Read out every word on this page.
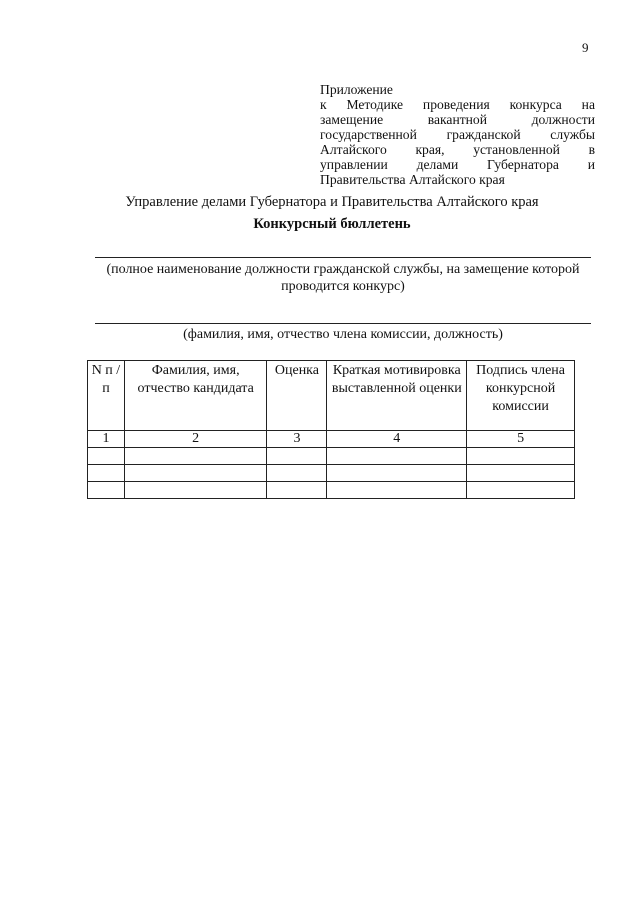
9
Приложение
к Методике проведения конкурса на
замещение вакантной должности
государственной гражданской службы
Алтайского края, установленной в
управлении делами Губернатора и
Правительства Алтайского края
Управление делами Губернатора и Правительства Алтайского края
Конкурсный бюллетень
(полное наименование должности гражданской службы, на замещение которой проводится конкурс)
(фамилия, имя, отчество члена комиссии, должность)
N п /п	Фамилия, имя, отчество кандидата	Оценка	Краткая мотивировка выставленной оценки	Подпись члена конкурсной комиссии
1	2	3	4	5
